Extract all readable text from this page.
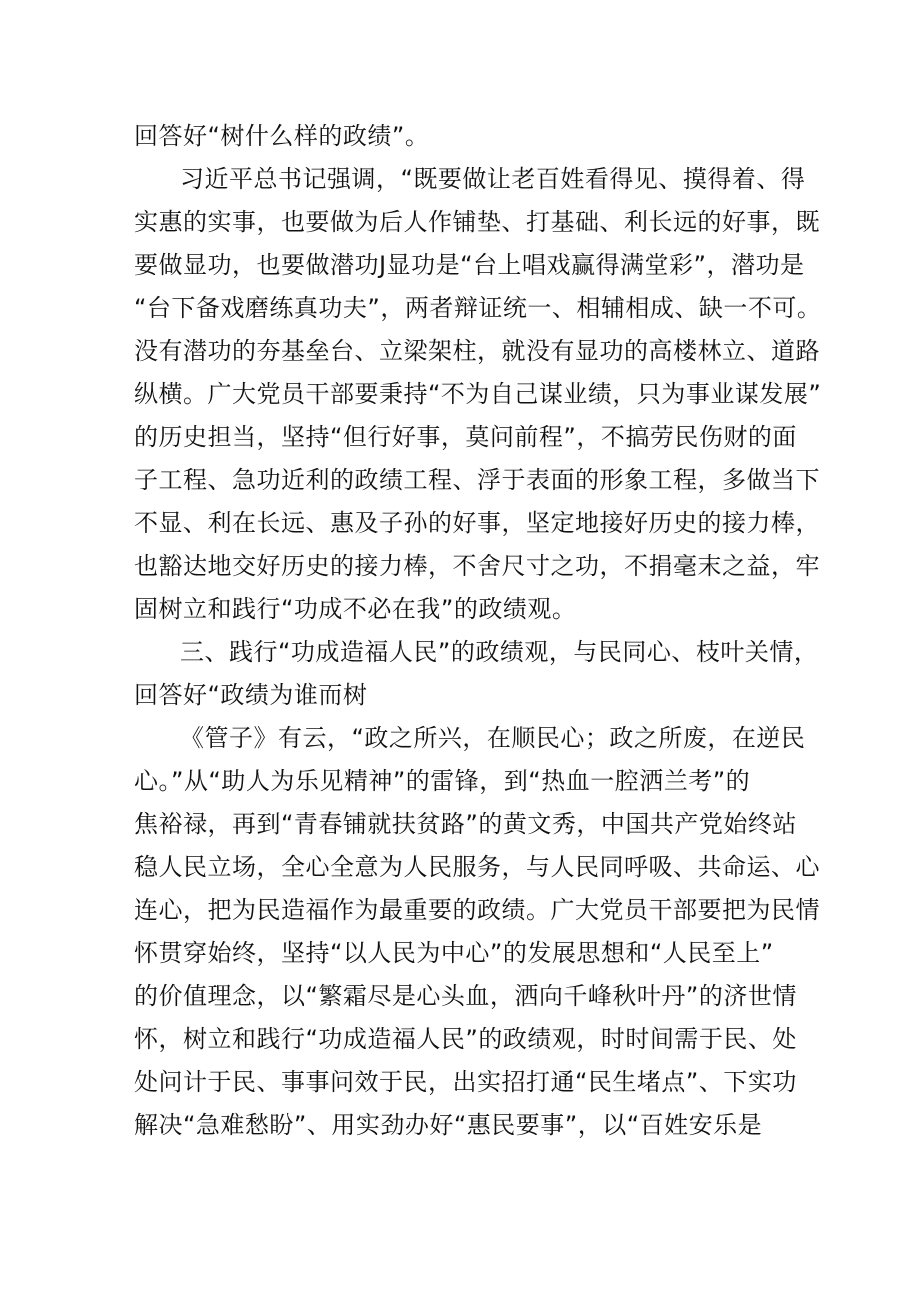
回答好“树什么样的政绩”。
习近平总书记强调，“既要做让老百姓看得见、摸得着、得
实惠的实事，也要做为后人作铺垫、打基础、利长远的好事，既
要做显功，也要做潜功J显功是“台上唱戏赢得满堂彩”，潜功是
“台下备戏磨练真功夫”，两者辩证统一、相辅相成、缺一不可。
没有潜功的夯基垒台、立梁架柱，就没有显功的高楼林立、道路
纵横。广大党员干部要秉持“不为自己谋业绩，只为事业谋发展”
的历史担当，坚持“但行好事，莫问前程”，不搞劳民伤财的面
子工程、急功近利的政绩工程、浮于表面的形象工程，多做当下
不显、利在长远、惠及子孙的好事，坚定地接好历史的接力棒，
也豁达地交好历史的接力棒，不舍尺寸之功，不捐毫末之益，牢
固树立和践行“功成不必在我”的政绩观。
三、践行“功成造福人民”的政绩观，与民同心、枝叶关情，
回答好“政绩为谁而树
《管子》有云，“政之所兴，在顺民心；政之所废，在逆民
心。”从“助人为乐见精神”的雷锋，到“热血一腔洒兰考”的
焦裕禄，再到“青春铺就扶贫路”的黄文秀，中国共产党始终站
稳人民立场，全心全意为人民服务，与人民同呼吸、共命运、心
连心，把为民造福作为最重要的政绩。广大党员干部要把为民情
怀贯穿始终，坚持“以人民为中心”的发展思想和“人民至上”
的价值理念，以“繁霜尽是心头血，洒向千峰秋叶丹”的济世情
怀，树立和践行“功成造福人民”的政绩观，时时间需于民、处
处问计于民、事事问效于民，出实招打通“民生堵点”、下实功
解决“急难愁盼”、用实劲办好“惠民要事”，以“百姓安乐是
